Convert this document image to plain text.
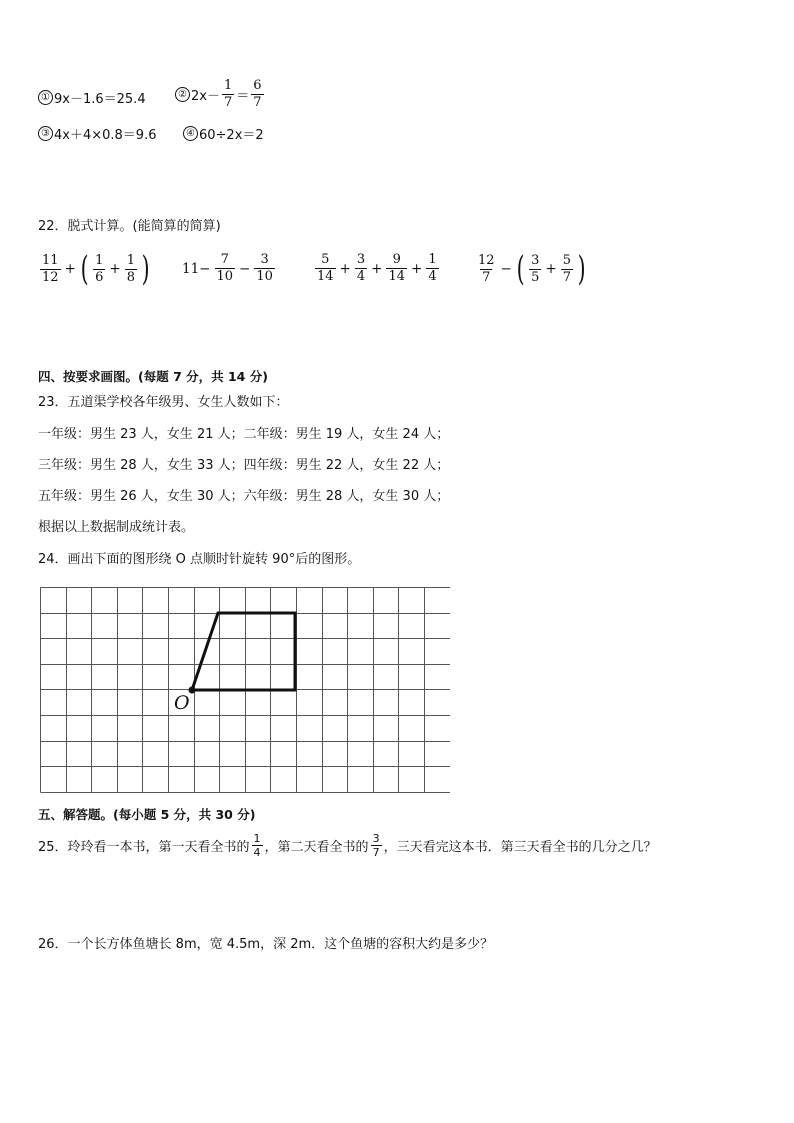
① 9x－1.6＝25.4	② $2x- \frac{1}{7} = \frac{6}{7}$
③ 4x＋4×0.8＝9.6	④ 60÷2x＝2
22．脱式计算。(能简算的简算)
$\frac{11}{12}$ + ( $\frac{1}{6} + \frac{1}{8}$ ) $11- \frac{7}{10} - \frac{3}{10}$	$\frac{5}{14} + \frac{3}{4} + \frac{9}{14} + \frac{1}{4}$	$\frac{12}{7}$ − ( $\frac{3}{5} + \frac{5}{7}$ )
四、按要求画图。(每题 7 分，共 14 分)
23．五道渠学校各年级男、女生人数如下：
一年级：男生 23 人，女生 21 人；二年级：男生 19 人，女生 24 人；
三年级：男生 28 人，女生 33 人；四年级：男生 22 人，女生 22 人；
五年级：男生 26 人，女生 30 人；六年级：男生 28 人，女生 30 人；
根据以上数据制成统计表。
24．画出下面的图形绕 O 点顺时针旋转 90°后的图形。
O
五、解答题。(每小题 5 分，共 30 分)
25．玲玲看一本书，第一天看全书的 $\frac{1}{4}$ ，第二天看全书的 $\frac{3}{7}$ ，三天看完这本书．第三天看全书的几分之几？
26．一个长方体鱼塘长 8m，宽 4.5m，深 2m．这个鱼塘的容积大约是多少？
